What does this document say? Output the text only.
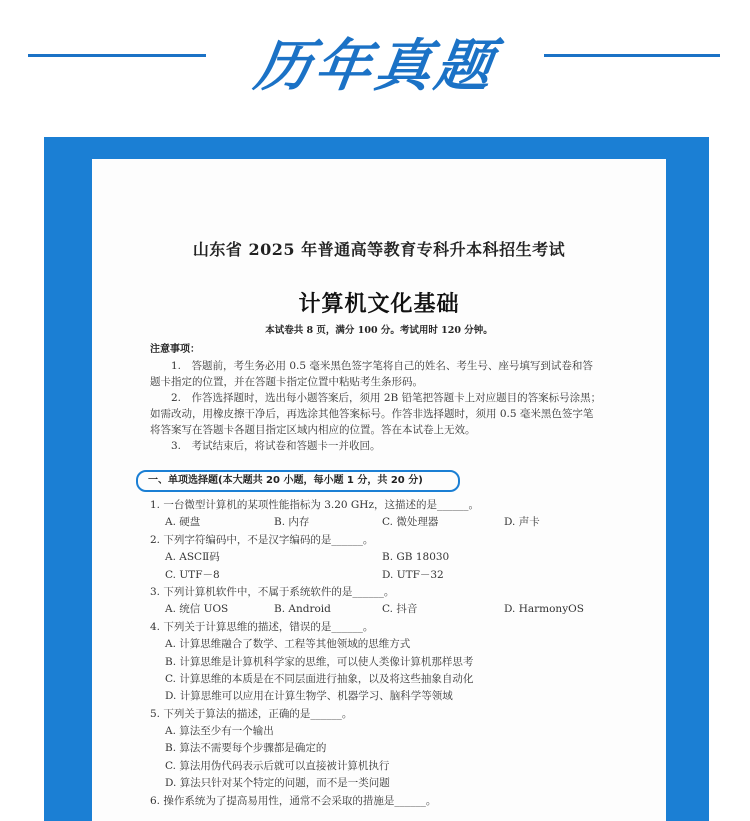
历年真题
山东省 2025 年普通高等教育专科升本科招生考试
计算机文化基础
本试卷共 8 页，满分 100 分。考试用时 120 分钟。
注意事项：

1.　答题前，考生务必用 0.5 毫米黑色签字笔将自己的姓名、考生号、座号填写到试卷和答

题卡指定的位置，并在答题卡指定位置中粘贴考生条形码。

2.　作答选择题时，选出每小题答案后，须用 2B 铅笔把答题卡上对应题目的答案标号涂黑；

如需改动，用橡皮擦干净后，再选涂其他答案标号。作答非选择题时，须用 0.5 毫米黑色签字笔
将答案写在答题卡各题目指定区域内相应的位置。答在本试卷上无效。

3.　考试结束后，将试卷和答题卡一并收回。

一、单项选择题(本大题共 20 小题，每小题 1 分，共 20 分)
1. 一台微型计算机的某项性能指标为 3.20 GHz，这描述的是______。
A. 硬盘	B. 内存	C. 微处理器	D. 声卡
2. 下列字符编码中，不是汉字编码的是______。
A. ASCⅡ码	B. GB 18030
C. UTF－8	D. UTF－32
3. 下列计算机软件中，不属于系统软件的是______。
A. 统信 UOS	B. Android	C. 抖音	D. HarmonyOS
4. 下列关于计算思维的描述，错误的是______。
A. 计算思维融合了数学、工程等其他领域的思维方式
B. 计算思维是计算机科学家的思维，可以使人类像计算机那样思考
C. 计算思维的本质是在不同层面进行抽象，以及将这些抽象自动化
D. 计算思维可以应用在计算生物学、机器学习、脑科学等领域
5. 下列关于算法的描述，正确的是______。
A. 算法至少有一个输出
B. 算法不需要每个步骤都是确定的
C. 算法用伪代码表示后就可以直接被计算机执行
D. 算法只针对某个特定的问题，而不是一类问题
6. 操作系统为了提高易用性，通常不会采取的措施是______。
